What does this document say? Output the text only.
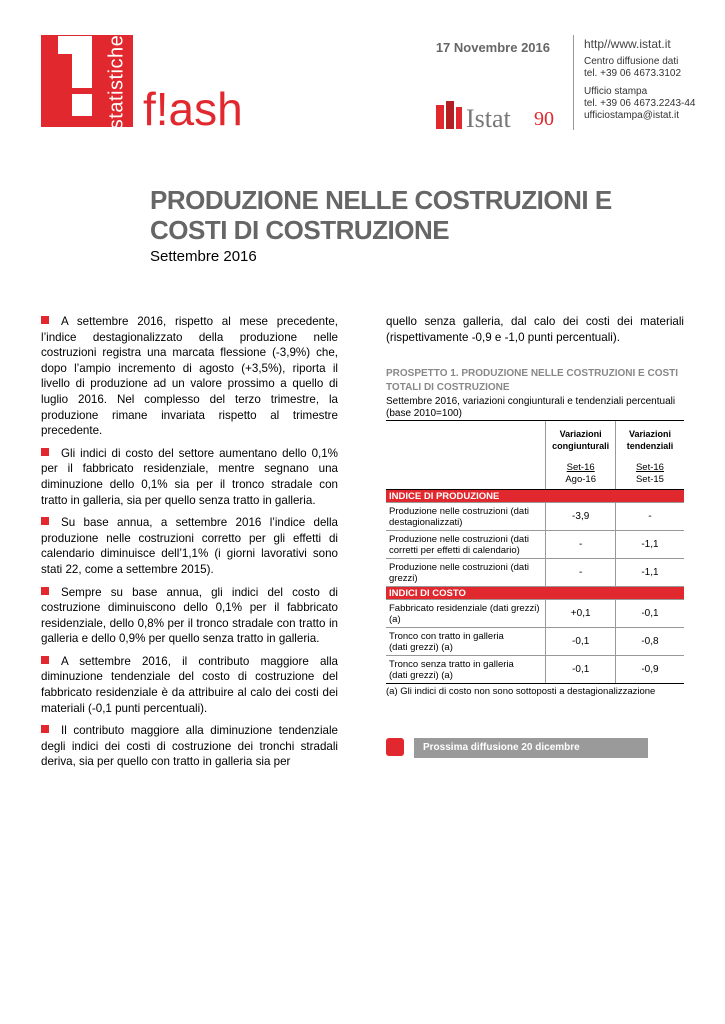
statistiche f!ash
17 Novembre 2016
Istat 90
http//www.istat.it
Centro diffusione dati
tel. +39 06 4673.3102
Ufficio stampa
tel. +39 06 4673.2243-44
ufficiostampa@istat.it
PRODUZIONE NELLE COSTRUZIONI E
COSTI DI COSTRUZIONE
Settembre 2016
A settembre 2016, rispetto al mese precedente, l’indice destagionalizzato della produzione nelle costruzioni registra una marcata flessione (-3,9%) che, dopo l’ampio incremento di agosto (+3,5%), riporta il livello di produzione ad un valore prossimo a quello di luglio 2016. Nel complesso del terzo trimestre, la produzione rimane invariata rispetto al trimestre precedente.
Gli indici di costo del settore aumentano dello 0,1% per il fabbricato residenziale, mentre segnano una diminuzione dello 0,1% sia per il tronco stradale con tratto in galleria, sia per quello senza tratto in galleria.
Su base annua, a settembre 2016 l’indice della produzione nelle costruzioni corretto per gli effetti di calendario diminuisce dell’1,1% (i giorni lavorativi sono stati 22, come a settembre 2015).
Sempre su base annua, gli indici del costo di costruzione diminuiscono dello 0,1% per il fabbricato residenziale, dello 0,8% per il tronco stradale con tratto in galleria e dello 0,9% per quello senza tratto in galleria.
A settembre 2016, il contributo maggiore alla diminuzione tendenziale del costo di costruzione del fabbricato residenziale è da attribuire al calo dei costi dei materiali (-0,1 punti percentuali).
Il contributo maggiore alla diminuzione tendenziale degli indici dei costi di costruzione dei tronchi stradali deriva, sia per quello con tratto in galleria sia per
quello senza galleria, dal calo dei costi dei materiali (rispettivamente -0,9 e -1,0 punti percentuali).
PROSPETTO 1. PRODUZIONE NELLE COSTRUZIONI E COSTI TOTALI DI COSTRUZIONE
Settembre 2016, variazioni congiunturali e tendenziali percentuali (base 2010=100)
	Variazioni congiunturali	Variazioni tendenziali
	Set-16
Ago-16	Set-16
Set-15
INDICE DI PRODUZIONE		
Produzione nelle costruzioni (dati
destagionalizzati)	-3,9	-
Produzione nelle costruzioni (dati
corretti per effetti di calendario)	-	-1,1
Produzione nelle costruzioni (dati
grezzi)	-	-1,1
INDICI DI COSTO		
Fabbricato residenziale (dati grezzi)
(a)	+0,1	-0,1
Tronco con tratto in galleria
(dati grezzi) (a)	-0,1	-0,8
Tronco senza tratto in galleria
(dati grezzi) (a)	-0,1	-0,9
(a) Gli indici di costo non sono sottoposti a destagionalizzazione
Prossima diffusione 20 dicembre
